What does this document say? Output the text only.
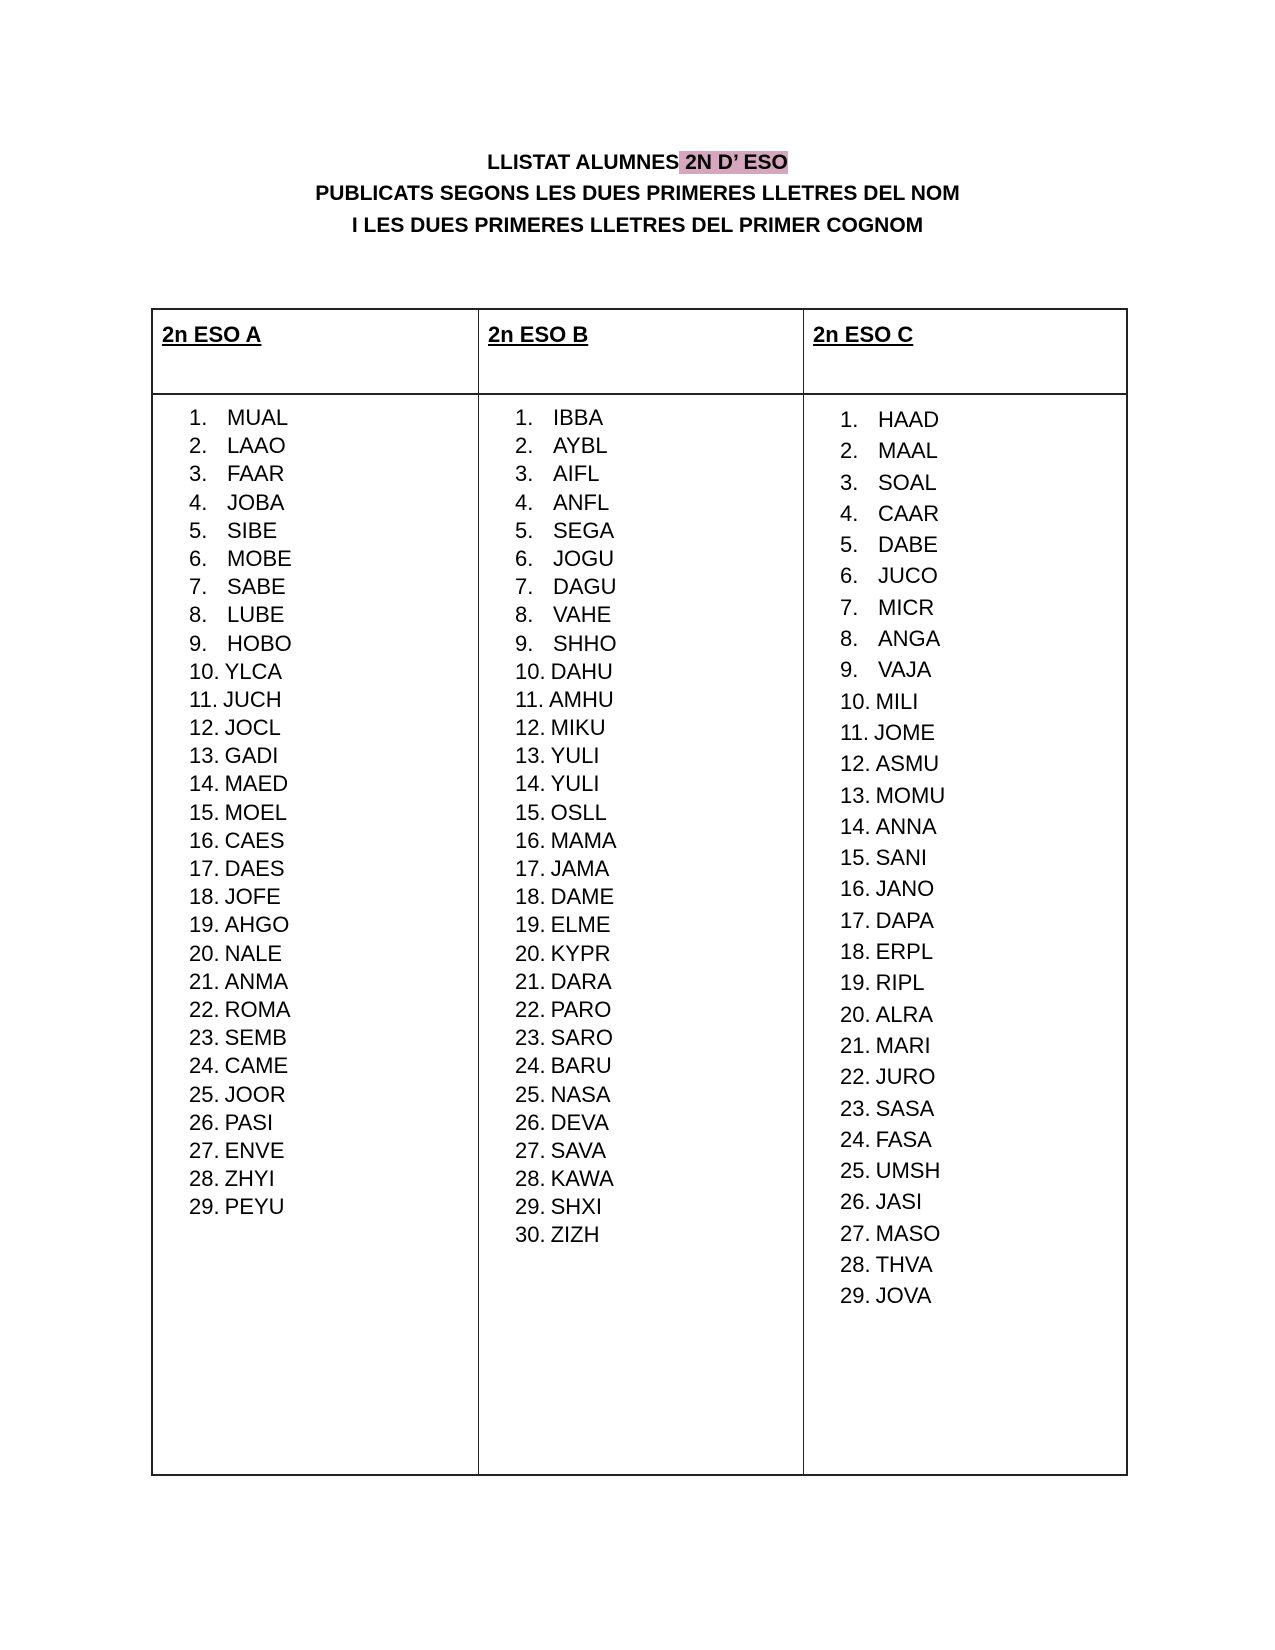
LLISTAT ALUMNES 2N D’ ESO
PUBLICATS SEGONS LES DUES PRIMERES LLETRES DEL NOM
I LES DUES PRIMERES LLETRES DEL PRIMER COGNOM
2n ESO A
1. MUAL
2. LAAO
3. FAAR
4. JOBA
5. SIBE
6. MOBE
7. SABE
8. LUBE
9. HOBO
10. YLCA
11. JUCH
12. JOCL
13. GADI
14. MAED
15. MOEL
16. CAES
17. DAES
18. JOFE
19. AHGO
20. NALE
21. ANMA
22. ROMA
23. SEMB
24. CAME
25. JOOR
26. PASI
27. ENVE
28. ZHYI
29. PEYU
2n ESO B
1. IBBA
2. AYBL
3. AIFL
4. ANFL
5. SEGA
6. JOGU
7. DAGU
8. VAHE
9. SHHO
10. DAHU
11. AMHU
12. MIKU
13. YULI
14. YULI
15. OSLL
16. MAMA
17. JAMA
18. DAME
19. ELME
20. KYPR
21. DARA
22. PARO
23. SARO
24. BARU
25. NASA
26. DEVA
27. SAVA
28. KAWA
29. SHXI
30. ZIZH
2n ESO C
1. HAAD
2. MAAL
3. SOAL
4. CAAR
5. DABE
6. JUCO
7. MICR
8. ANGA
9. VAJA
10. MILI
11. JOME
12. ASMU
13. MOMU
14. ANNA
15. SANI
16. JANO
17. DAPA
18. ERPL
19. RIPL
20. ALRA
21. MARI
22. JURO
23. SASA
24. FASA
25. UMSH
26. JASI
27. MASO
28. THVA
29. JOVA
